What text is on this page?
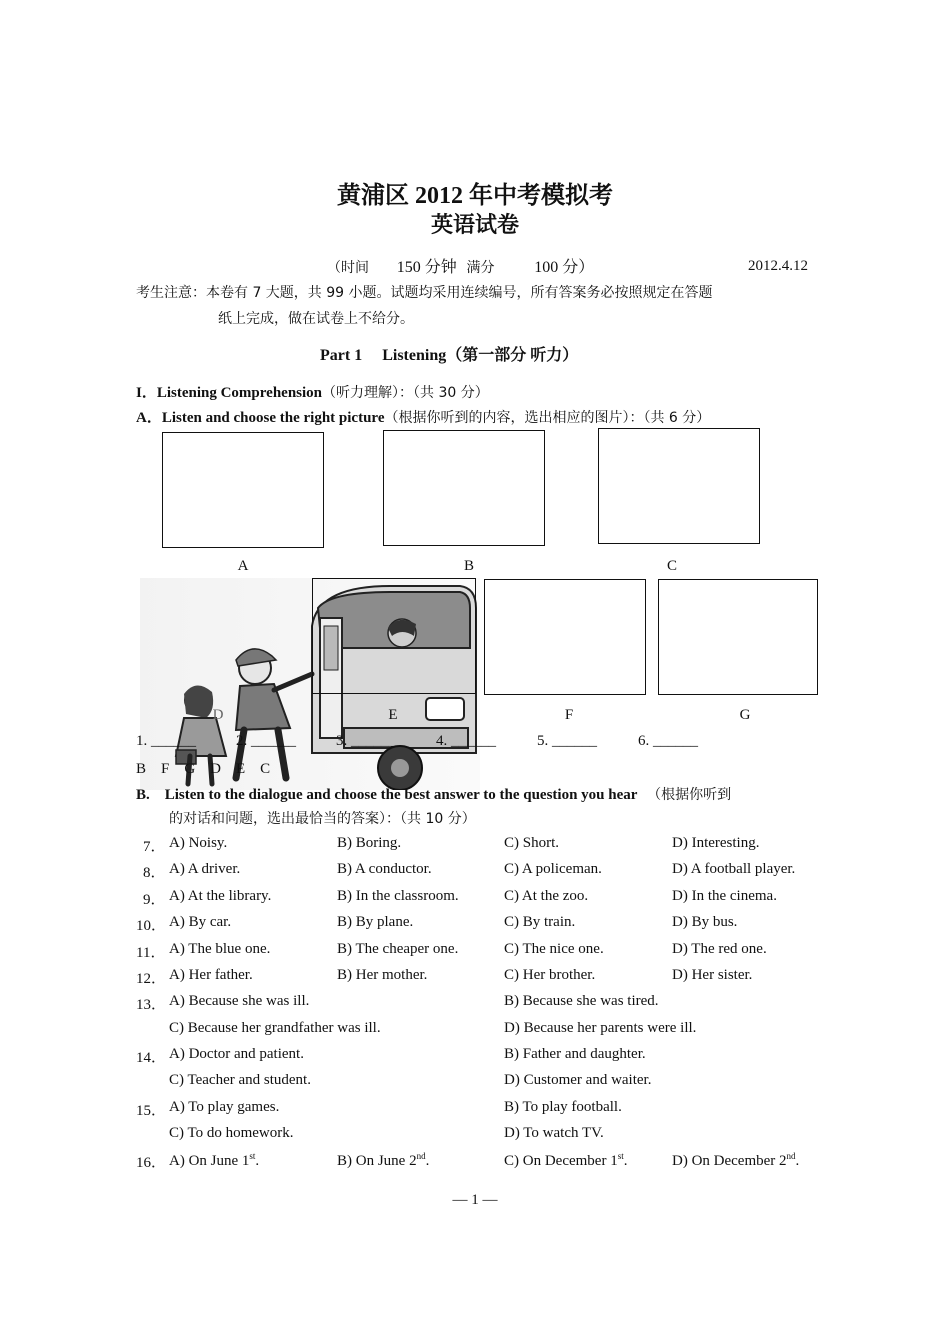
黄浦区 2012 年中考模拟考
英语试卷
（时间 150 分钟 满分 100 分）	2012.4.12
考生注意：本卷有 7 大题，共 99 小题。试题均采用连续编号，所有答案务必按照规定在答题
纸上完成，做在试卷上不给分。
Part 1　 Listening（第一部分 听力）
I．Listening Comprehension（听力理解）：（共 30 分）
A．Listen and choose the right picture（根据你听到的内容，选出相应的图片）：（共 6 分）
A	B	C
D	E	F	G
1. ______	2. ______	3. ______	4. ______	5. ______	6. ______
B　F　G　D　E　C
B.　Listen to the dialogue and choose the best answer to the question you hear （根据你听到
的对话和问题，选出最恰当的答案）：（共 10 分）
7． A) Noisy.	B) Boring.	C) Short.	D) Interesting.
8． A) A driver.	B) A conductor.	C) A policeman.	D) A football player.
9． A) At the library.	B) In the classroom.	C) At the zoo.	D) In the cinema.
10． A) By car.	B) By plane.	C) By train.	D) By bus.
11． A) The blue one.	B) The cheaper one.	C) The nice one.	D) The red one.
12． A) Her father.	B) Her mother.	C) Her brother.	D) Her sister.
13． A) Because she was ill.	B) Because she was tired.
C) Because her grandfather was ill.	D) Because her parents were ill.
14． A) Doctor and patient.	B) Father and daughter.
C) Teacher and student.	D) Customer and waiter.
15． A) To play games.	B) To play football.
C) To do homework.	D) To watch TV.
16． A) On June 1st.	B) On June 2nd.	C) On December 1st.	D) On December 2nd.
— 1 —
